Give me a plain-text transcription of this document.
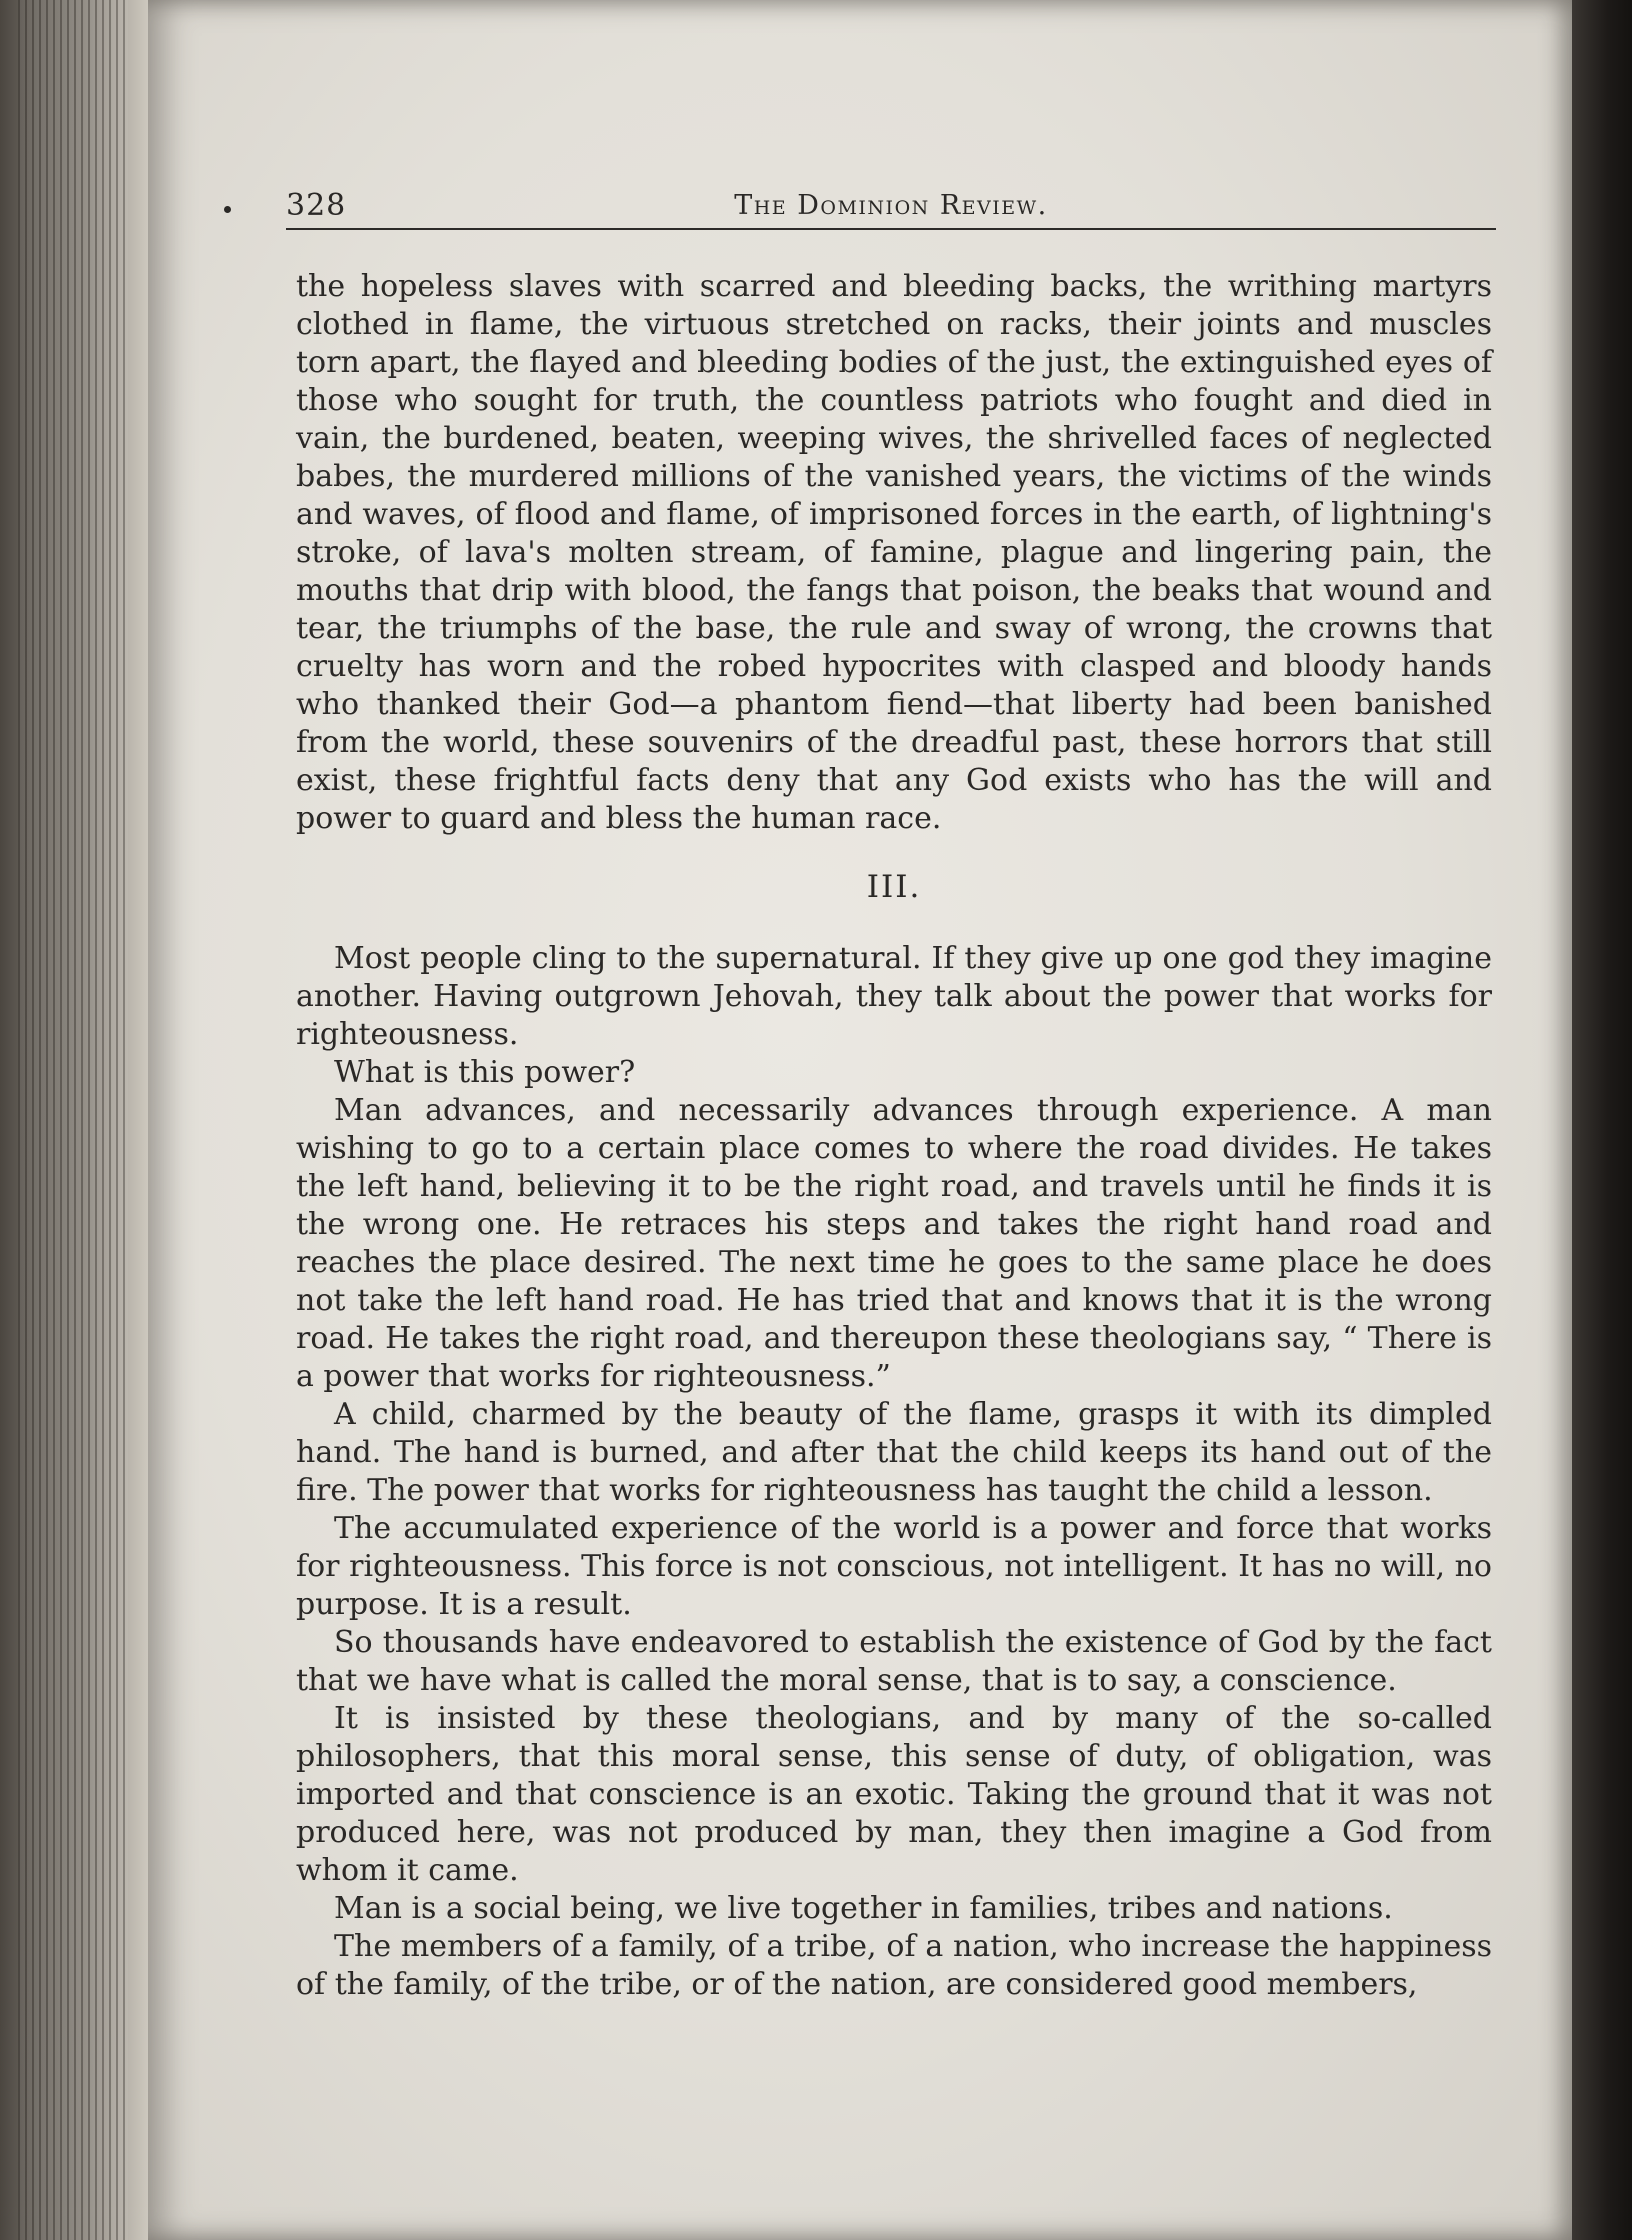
328	The Dominion Review.

the hopeless slaves with scarred and bleeding backs, the writhing martyrs clothed in flame, the virtuous stretched on racks, their joints and muscles torn apart, the flayed and bleeding bodies of the just, the extinguished eyes of those who sought for truth, the countless patriots who fought and died in vain, the burdened, beaten, weeping wives, the shrivelled faces of neglected babes, the murdered millions of the vanished years, the victims of the winds and waves, of flood and flame, of imprisoned forces in the earth, of lightning's stroke, of lava's molten stream, of famine, plague and lingering pain, the mouths that drip with blood, the fangs that poison, the beaks that wound and tear, the triumphs of the base, the rule and sway of wrong, the crowns that cruelty has worn and the robed hypocrites with clasped and bloody hands who thanked their God—a phantom fiend—that liberty had been banished from the world, these souvenirs of the dreadful past, these horrors that still exist, these frightful facts deny that any God exists who has the will and power to guard and bless the human race.

III.

Most people cling to the supernatural. If they give up one god they imagine another. Having outgrown Jehovah, they talk about the power that works for righteousness.

What is this power?

Man advances, and necessarily advances through experience. A man wishing to go to a certain place comes to where the road divides. He takes the left hand, believing it to be the right road, and travels until he finds it is the wrong one. He retraces his steps and takes the right hand road and reaches the place desired. The next time he goes to the same place he does not take the left hand road. He has tried that and knows that it is the wrong road. He takes the right road, and thereupon these theologians say, “ There is a power that works for righteousness.”

A child, charmed by the beauty of the flame, grasps it with its dimpled hand. The hand is burned, and after that the child keeps its hand out of the fire. The power that works for righteousness has taught the child a lesson.

The accumulated experience of the world is a power and force that works for righteousness. This force is not conscious, not intelligent. It has no will, no purpose. It is a result.

So thousands have endeavored to establish the existence of God by the fact that we have what is called the moral sense, that is to say, a conscience.

It is insisted by these theologians, and by many of the so-called philosophers, that this moral sense, this sense of duty, of obligation, was imported and that conscience is an exotic. Taking the ground that it was not produced here, was not produced by man, they then imagine a God from whom it came.

Man is a social being, we live together in families, tribes and nations.

The members of a family, of a tribe, of a nation, who increase the happiness of the family, of the tribe, or of the nation, are considered good members,
